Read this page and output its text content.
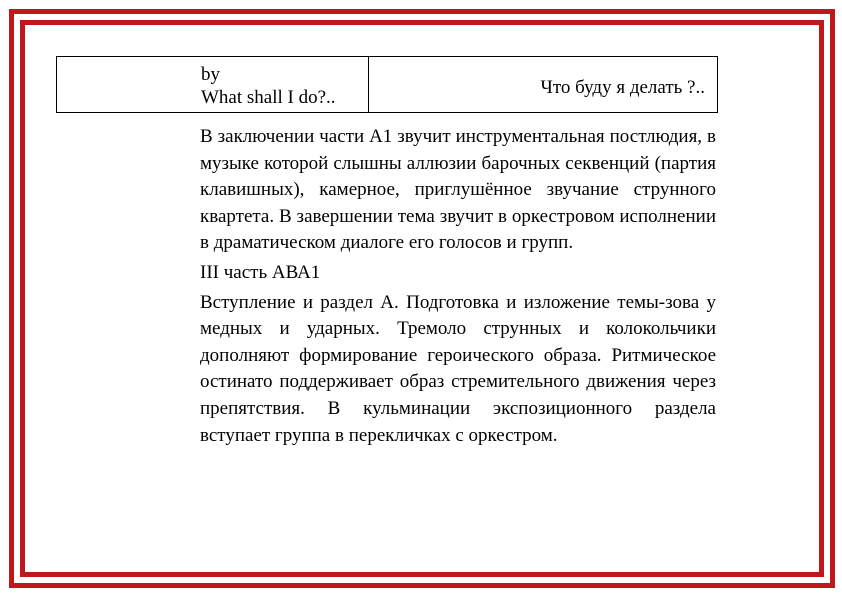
by
What shall I do?..	Что буду я делать ?..

В заключении части А1 звучит инструментальная постлюдия, в музыке которой слышны аллюзии барочных секвенций (партия клавишных), камерное, приглушённое звучание струнного квартета. В завершении тема звучит в оркестровом исполнении в драматическом диалоге его голосов и групп.

III часть АВА1

Вступление и раздел А. Подготовка и изложение темы-зова у медных и ударных. Тремоло струнных и колокольчики дополняют формирование героического образа. Ритмическое остинато поддерживает образ стремительного движения через препятствия. В кульминации экспозиционного раздела вступает группа в перекличках с оркестром.
